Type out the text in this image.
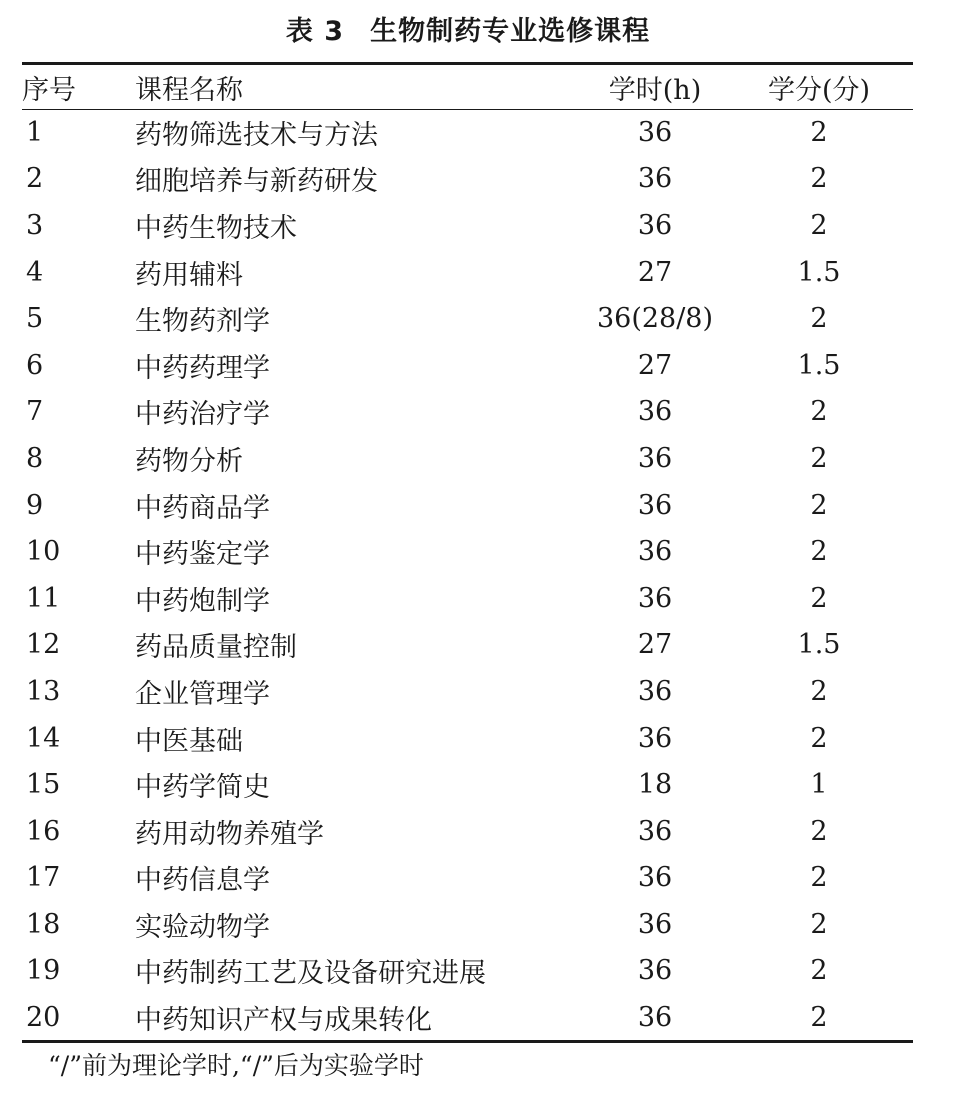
表 3 生物制药专业选修课程
序号	课程名称	学时(h)	学分(分)
1	药物筛选技术与方法	36	2
2	细胞培养与新药研发	36	2
3	中药生物技术	36	2
4	药用辅料	27	1.5
5	生物药剂学	36(28/8)	2
6	中药药理学	27	1.5
7	中药治疗学	36	2
8	药物分析	36	2
9	中药商品学	36	2
10	中药鉴定学	36	2
11	中药炮制学	36	2
12	药品质量控制	27	1.5
13	企业管理学	36	2
14	中医基础	36	2
15	中药学简史	18	1
16	药用动物养殖学	36	2
17	中药信息学	36	2
18	实验动物学	36	2
19	中药制药工艺及设备研究进展	36	2
20	中药知识产权与成果转化	36	2
“/”前为理论学时,“/”后为实验学时
